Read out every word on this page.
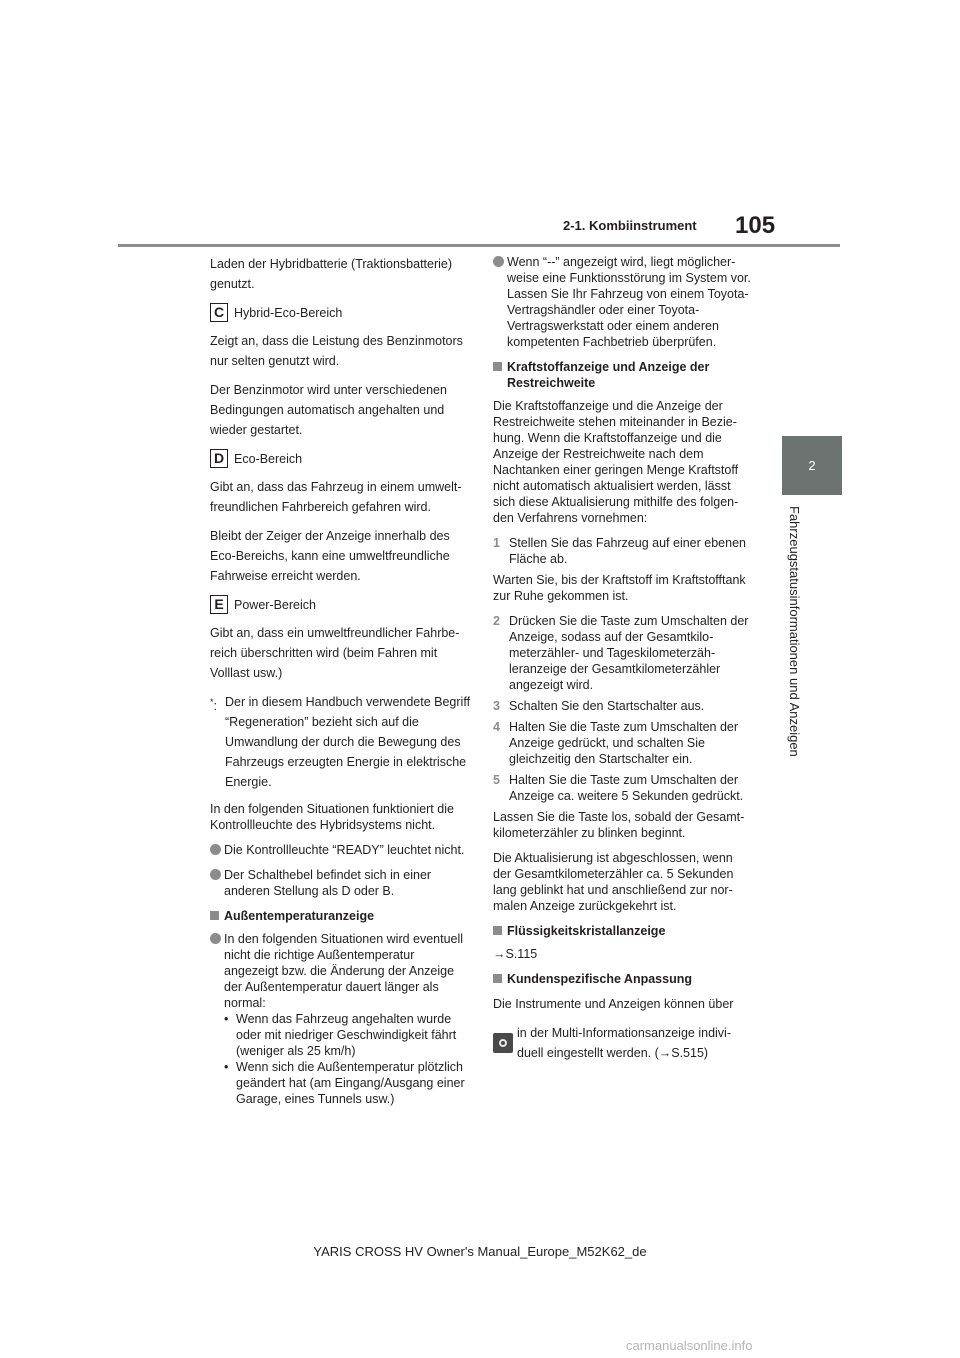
105
2-1. Kombiinstrument
2
Fahrzeugstatusinformationen und Anzeigen

Laden der Hybridbatterie (Traktionsbatterie) genutzt.

C Hybrid-Eco-Bereich

Zeigt an, dass die Leistung des Benzinmotors nur selten genutzt wird.

Der Benzinmotor wird unter verschiedenen Bedingungen automatisch angehalten und wieder gestartet.

D Eco-Bereich

Gibt an, dass das Fahrzeug in einem umweltfreundlichen Fahrbereich gefahren wird.

Bleibt der Zeiger der Anzeige innerhalb des Eco-Bereichs, kann eine umweltfreundliche Fahrweise erreicht werden.

E Power-Bereich

Gibt an, dass ein umweltfreundlicher Fahrbereich überschritten wird (beim Fahren mit Volllast usw.)

*: Der in diesem Handbuch verwendete Begriff “Regeneration” bezieht sich auf die Umwandlung der durch die Bewegung des Fahrzeugs erzeugten Energie in elektrische Energie.

In den folgenden Situationen funktioniert die Kontrollleuchte des Hybridsystems nicht.

Die Kontrollleuchte “READY” leuchtet nicht.
Der Schalthebel befindet sich in einer anderen Stellung als D oder B.
Außentemperaturanzeige
In den folgenden Situationen wird eventuell nicht die richtige Außentemperatur angezeigt bzw. die Änderung der Anzeige der Außentemperatur dauert länger als normal:
• Wenn das Fahrzeug angehalten wurde oder mit niedriger Geschwindigkeit fährt (weniger als 25 km/h)
• Wenn sich die Außentemperatur plötzlich geändert hat (am Eingang/Ausgang einer Garage, eines Tunnels usw.)
Wenn “--” angezeigt wird, liegt möglicherweise eine Funktionsstörung im System vor. Lassen Sie Ihr Fahrzeug von einem Toyota-Vertragshändler oder einer Toyota-Vertragswerkstatt oder einem anderen kompetenten Fachbetrieb überprüfen.
Kraftstoffanzeige und Anzeige der Restreichweite

Die Kraftstoffanzeige und die Anzeige der Restreichweite stehen miteinander in Beziehung. Wenn die Kraftstoffanzeige und die Anzeige der Restreichweite nach dem Nachtanken einer geringen Menge Kraftstoff nicht automatisch aktualisiert werden, lässt sich diese Aktualisierung mithilfe des folgenden Verfahrens vornehmen:

1 Stellen Sie das Fahrzeug auf einer ebenen Fläche ab.

Warten Sie, bis der Kraftstoff im Kraftstofftank zur Ruhe gekommen ist.

2 Drücken Sie die Taste zum Umschalten der Anzeige, sodass auf der Gesamtkilometerzähler- und Tageskilometerzähleranzeige der Gesamtkilometerzähler angezeigt wird.
3 Schalten Sie den Startschalter aus.
4 Halten Sie die Taste zum Umschalten der Anzeige gedrückt, und schalten Sie gleichzeitig den Startschalter ein.
5 Halten Sie die Taste zum Umschalten der Anzeige ca. weitere 5 Sekunden gedrückt.

Lassen Sie die Taste los, sobald der Gesamtkilometerzähler zu blinken beginnt.

Die Aktualisierung ist abgeschlossen, wenn der Gesamtkilometerzähler ca. 5 Sekunden lang geblinkt hat und anschließend zur normalen Anzeige zurückgekehrt ist.

Flüssigkeitskristallanzeige

→S.115

Kundenspezifische Anpassung

Die Instrumente und Anzeigen können über

in der Multi-Informationsanzeige individuell eingestellt werden. (→S.515)
YARIS CROSS HV Owner's Manual_Europe_M52K62_de
carmanualsonline.info
